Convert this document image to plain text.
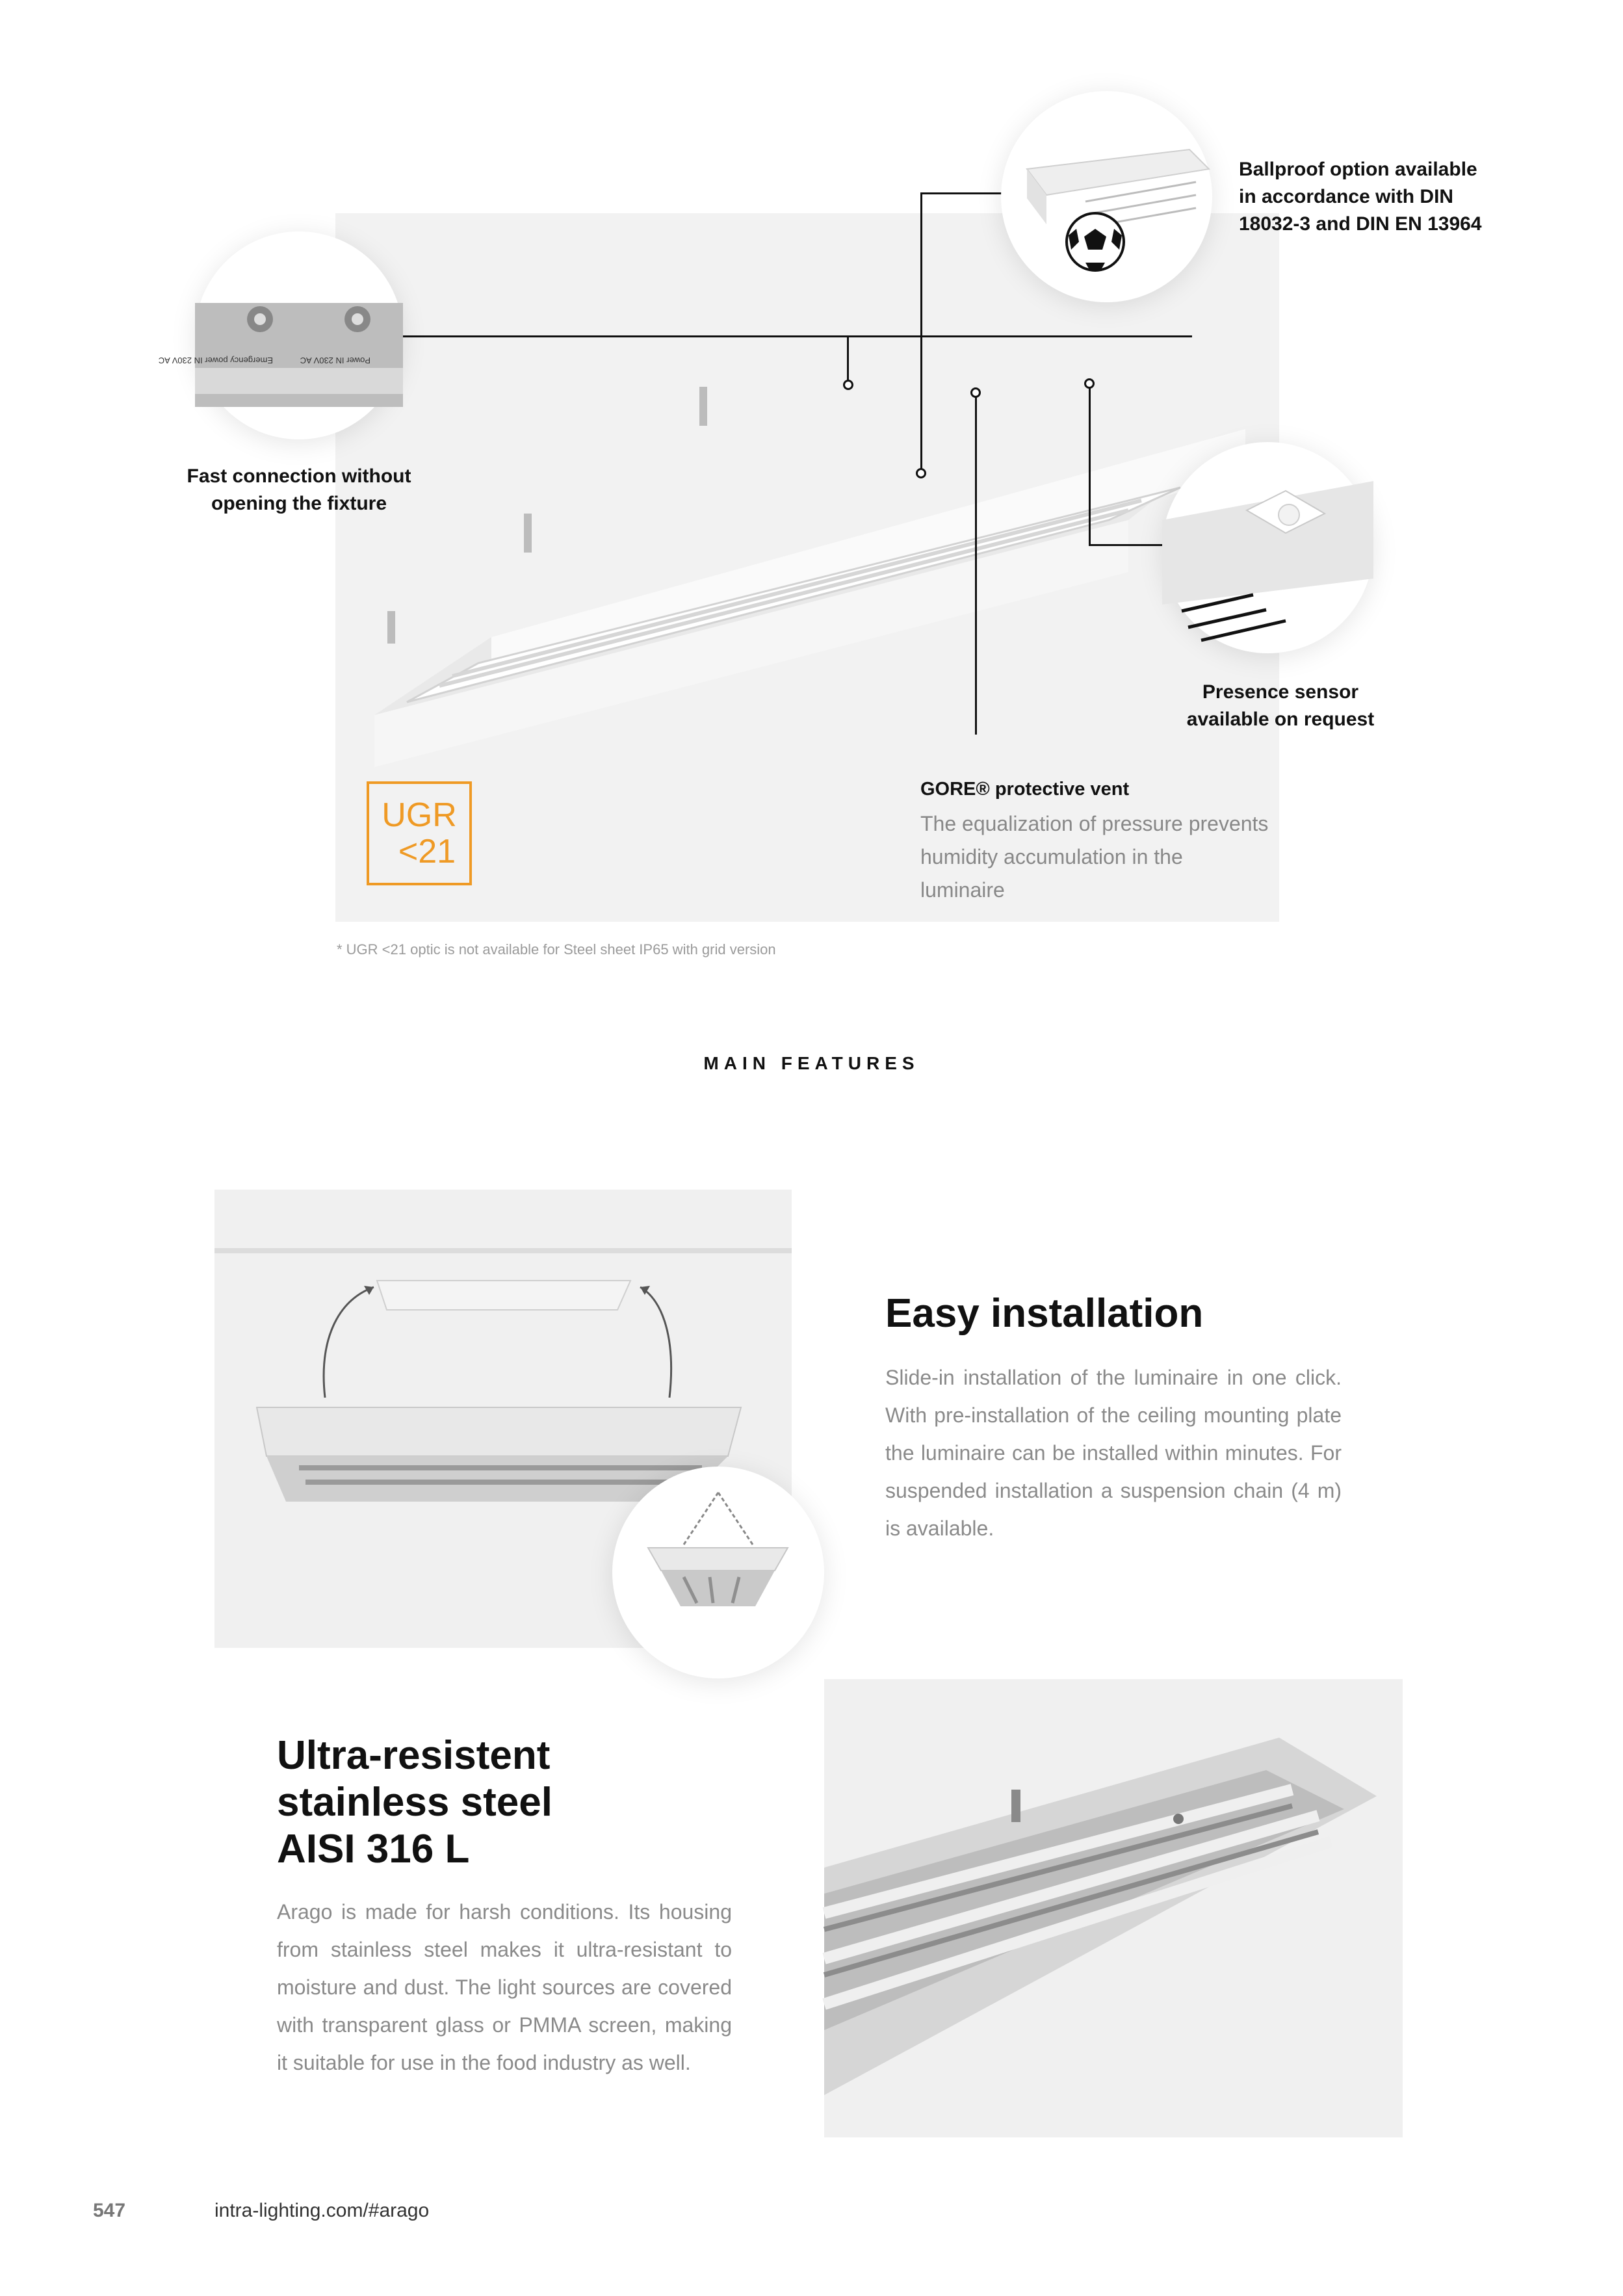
Emergency power IN 230V AC	Power IN 230V AC
Fast connection without
opening the fixture
Ballproof option available
in accordance with DIN
18032-3 and DIN EN 13964
Presence sensor
available on request
UGR
<21
GORE® protective vent
The equalization of pressure prevents humidity accumulation in the luminaire
* UGR <21 optic is not available for Steel sheet IP65 with grid version
MAIN FEATURES
Easy installation
Slide-in installation of the luminaire in one click. With pre-installation of the ceiling mounting plate the luminaire can be installed within minutes. For suspended installation a suspension chain (4 m) is available.
Ultra-resistent
stainless steel
AISI 316 L
Arago is made for harsh conditions. Its housing from stainless steel makes it ultra-resistant to moisture and dust. The light sources are covered with transparent glass or PMMA screen, making it suitable for use in the food industry as well.
547	intra-lighting.com/#arago
